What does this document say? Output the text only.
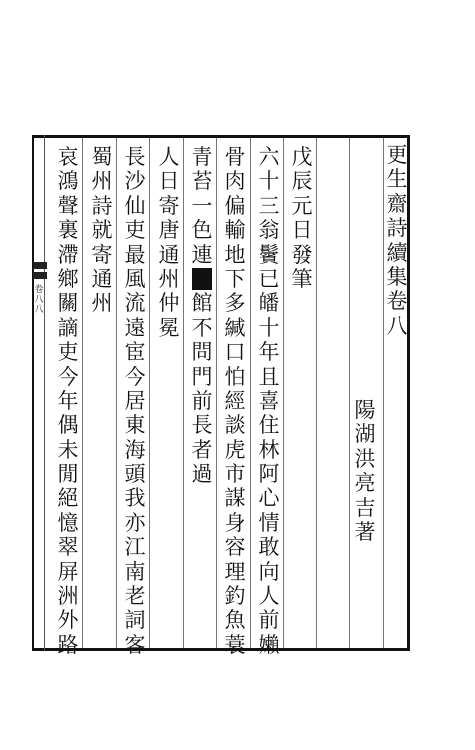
卷八 八
更
生
齋
詩
續
集
卷
八
陽
湖
洪
亮
吉
著
戊
辰
元
日
發
筆
六
十
三
翁
鬢
已
皤
十
年
且
喜
住
林
阿
心
情
敢
向
人
前
嬾
骨
肉
偏
輸
地
下
多
緘
口
怕
經
談
虎
市
謀
身
容
理
釣
魚
蓑
青
苔
一
色
連
館
不
問
門
前
長
者
過
人
日
寄
唐
通
州
仲
冕
長
沙
仙
吏
最
風
流
遠
宦
今
居
東
海
頭
我
亦
江
南
老
詞
客
蜀
州
詩
就
寄
通
州
哀
鴻
聲
裏
滯
鄉
關
謫
吏
今
年
偶
未
閒
絕
憶
翠
屏
洲
外
路
